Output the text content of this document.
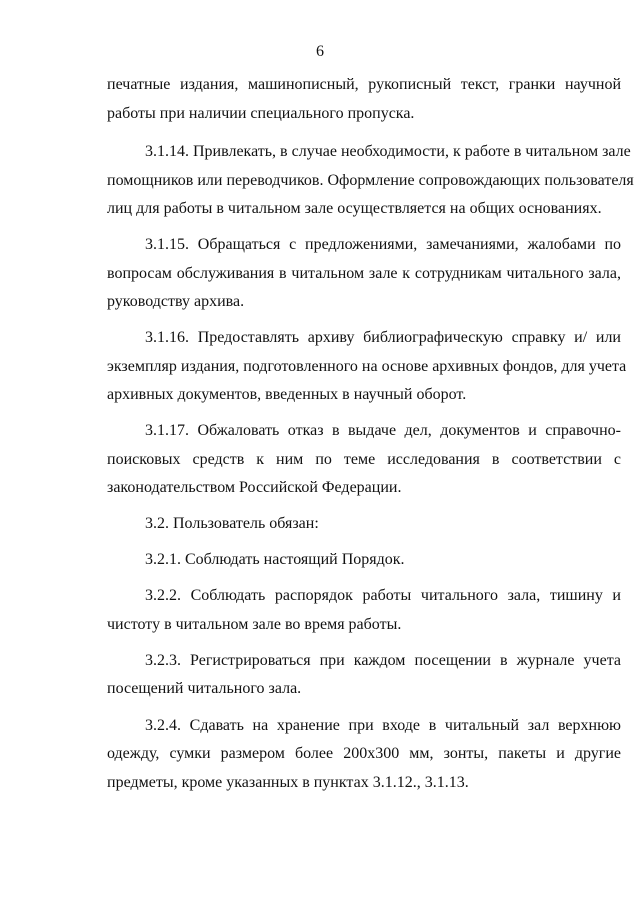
6
печатные издания, машинописный, рукописный текст, гранки научной
работы при наличии специального пропуска.
3.1.14. Привлекать, в случае необходимости, к работе в читальном зале
помощников или переводчиков. Оформление сопровождающих пользователя
лиц для работы в читальном зале осуществляется на общих основаниях.
3.1.15. Обращаться с предложениями, замечаниями, жалобами по
вопросам обслуживания в читальном зале к сотрудникам читального зала,
руководству архива.
3.1.16. Предоставлять архиву библиографическую справку и/ или
экземпляр издания, подготовленного на основе архивных фондов, для учета
архивных документов, введенных в научный оборот.
3.1.17. Обжаловать отказ в выдаче дел, документов и справочно-
поисковых средств к ним по теме исследования в соответствии с
законодательством Российской Федерации.
3.2. Пользователь обязан:
3.2.1. Соблюдать настоящий Порядок.
3.2.2. Соблюдать распорядок работы читального зала, тишину и
чистоту в читальном зале во время работы.
3.2.3. Регистрироваться при каждом посещении в журнале учета
посещений читального зала.
3.2.4. Сдавать на хранение при входе в читальный зал верхнюю
одежду, сумки размером более 200х300 мм, зонты, пакеты и другие
предметы, кроме указанных в пунктах 3.1.12., 3.1.13.
